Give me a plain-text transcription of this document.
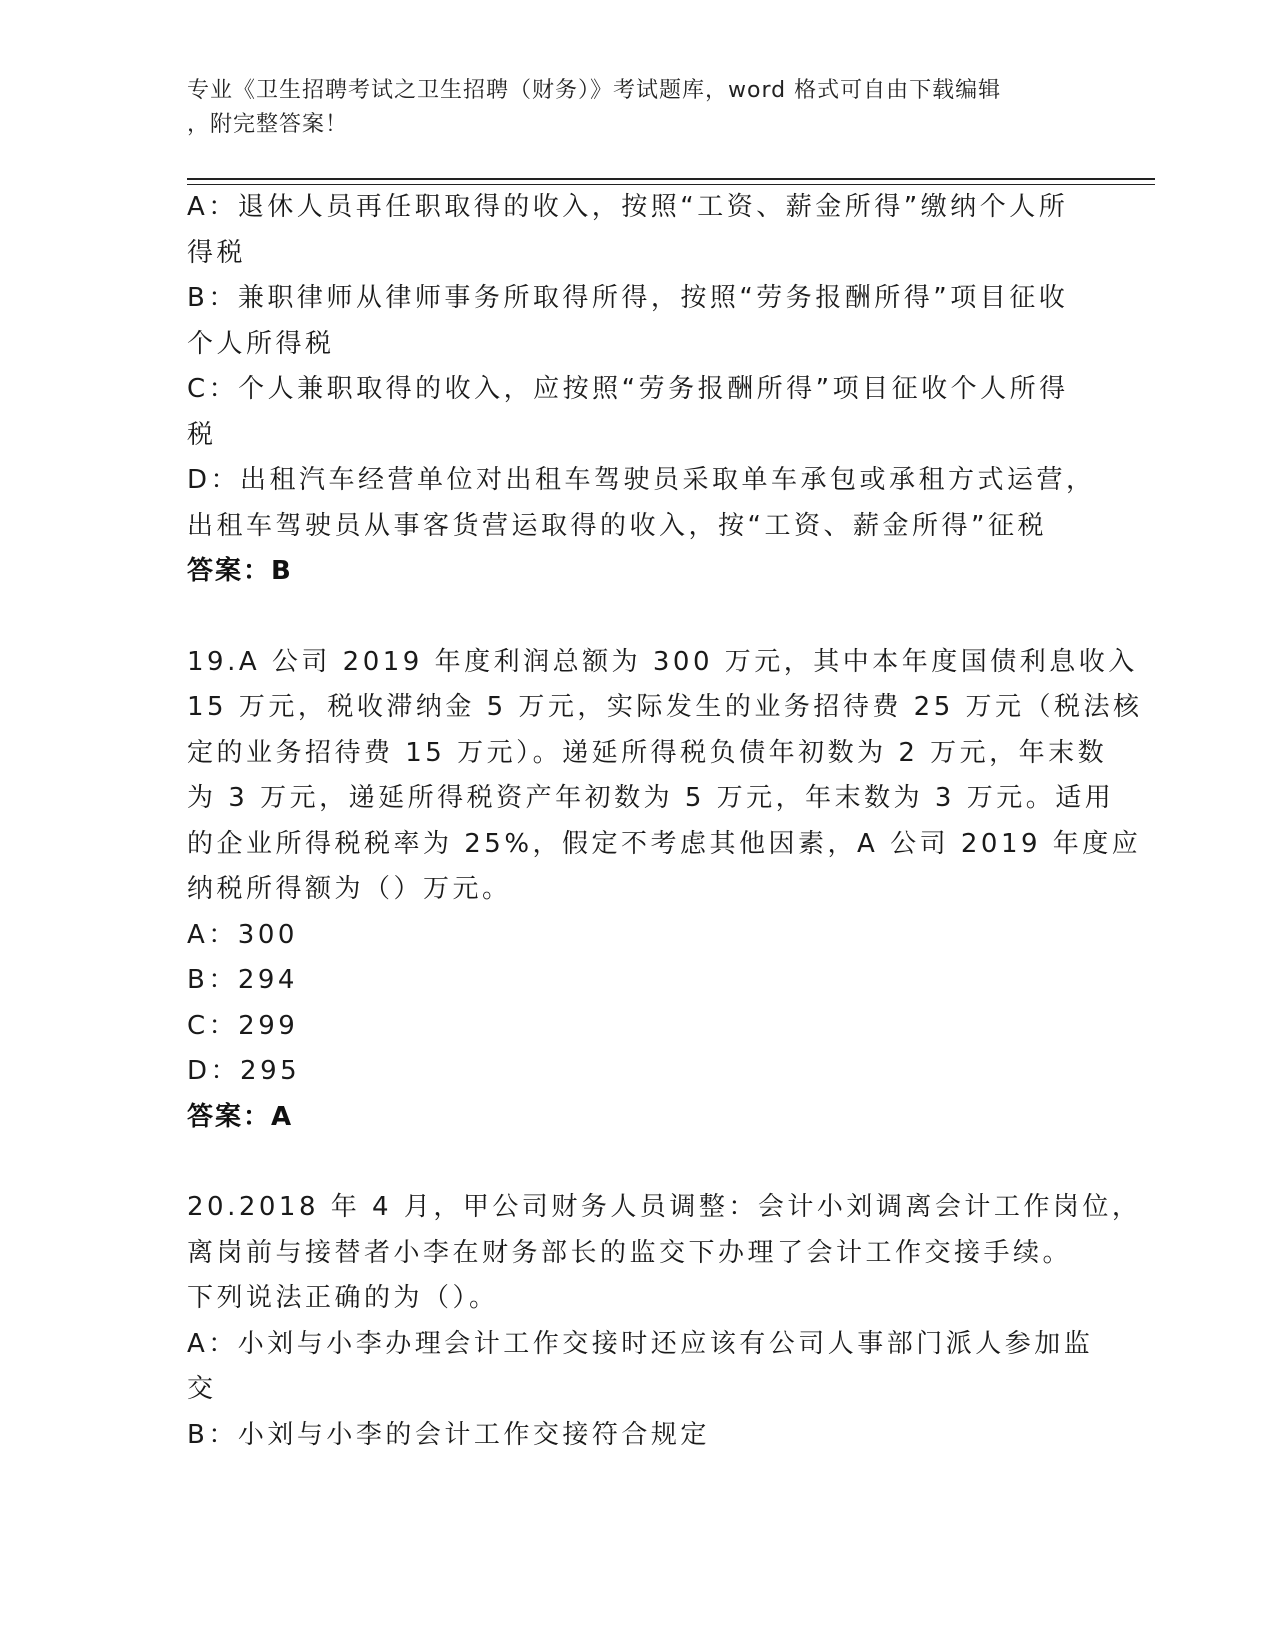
专业《卫生招聘考试之卫生招聘（财务）》考试题库，word 格式可自由下载编辑
，附完整答案！
A：退休人员再任职取得的收入，按照“工资、薪金所得”缴纳个人所
得税
B：兼职律师从律师事务所取得所得，按照“劳务报酬所得”项目征收
个人所得税
C：个人兼职取得的收入，应按照“劳务报酬所得”项目征收个人所得
税
D：出租汽车经营单位对出租车驾驶员采取单车承包或承租方式运营，
出租车驾驶员从事客货营运取得的收入，按“工资、薪金所得”征税
答案：B
19.A 公司 2019 年度利润总额为 300 万元，其中本年度国债利息收入
15 万元，税收滞纳金 5 万元，实际发生的业务招待费 25 万元（税法核
定的业务招待费 15 万元）。递延所得税负债年初数为 2 万元，年末数
为 3 万元，递延所得税资产年初数为 5 万元，年末数为 3 万元。适用
的企业所得税税率为 25%，假定不考虑其他因素，A 公司 2019 年度应
纳税所得额为（）万元。
A：300
B：294
C：299
D：295
答案：A
20.2018 年 4 月，甲公司财务人员调整：会计小刘调离会计工作岗位，
离岗前与接替者小李在财务部长的监交下办理了会计工作交接手续。
下列说法正确的为（）。
A：小刘与小李办理会计工作交接时还应该有公司人事部门派人参加监
交
B：小刘与小李的会计工作交接符合规定
